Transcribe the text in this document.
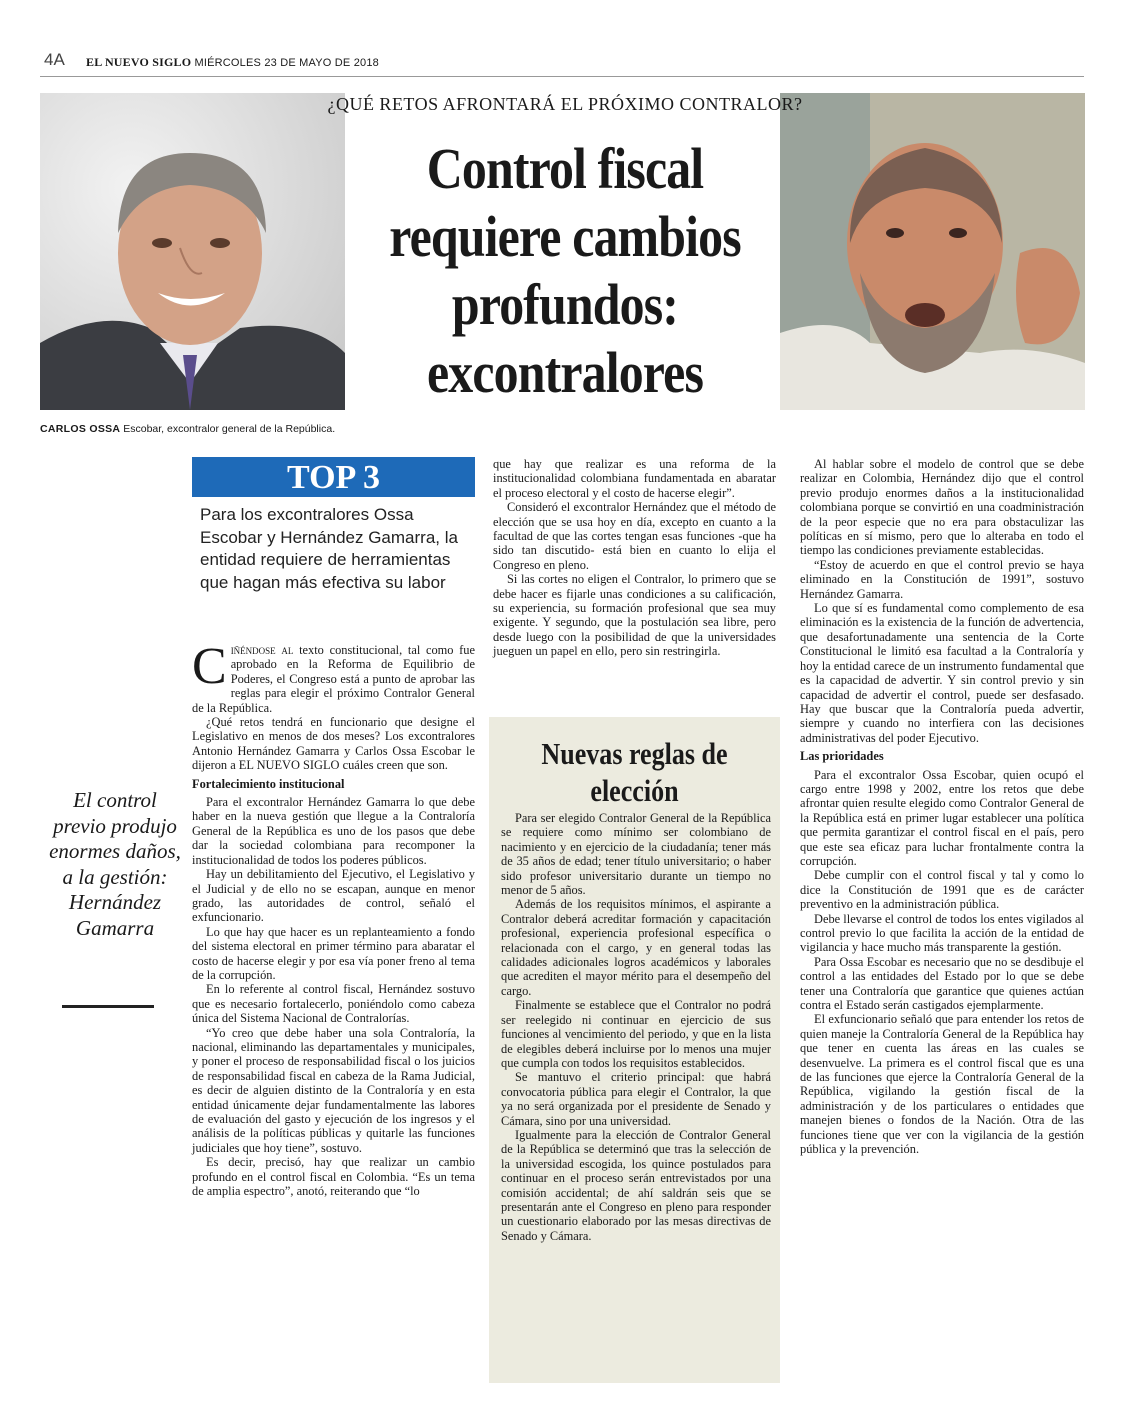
4A EL NUEVO SIGLO MIÉRCOLES 23 DE MAYO DE 2018
¿QUÉ RETOS AFRONTARÁ EL PRÓXIMO CONTRALOR?
Control fiscal requiere cambios profundos: excontralores
CARLOS OSSA Escobar, excontralor general de la República.
TOP 3
Para los excontralores Ossa Escobar y Hernández Gamarra, la entidad requiere de herramientas que hagan más efectiva su labor
El control previo produjo enormes daños, a la gestión: Hernández Gamarra

Ciñéndose al texto constitucional, tal como fue aprobado en la Reforma de Equilibrio de Poderes, el Congreso está a punto de aprobar las reglas para elegir el próximo Contralor General de la República.

¿Qué retos tendrá en funcionario que designe el Legislativo en menos de dos meses? Los excontralores Antonio Hernández Gamarra y Carlos Ossa Escobar le dijeron a EL NUEVO SIGLO cuáles creen que son.

Fortalecimiento institucional

Para el excontralor Hernández Gamarra lo que debe haber en la nueva gestión que llegue a la Contraloría General de la República es uno de los pasos que debe dar la sociedad colombiana para recomponer la institucionalidad de todos los poderes públicos.

Hay un debilitamiento del Ejecutivo, el Legislativo y el Judicial y de ello no se escapan, aunque en menor grado, las autoridades de control, señaló el exfuncionario.

Lo que hay que hacer es un replanteamiento a fondo del sistema electoral en primer término para abaratar el costo de hacerse elegir y por esa vía poner freno al tema de la corrupción.

En lo referente al control fiscal, Hernández sostuvo que es necesario fortalecerlo, poniéndolo como cabeza única del Sistema Nacional de Contralorías.

“Yo creo que debe haber una sola Contraloría, la nacional, eliminando las departamentales y municipales, y poner el proceso de responsabilidad fiscal o los juicios de responsabilidad fiscal en cabeza de la Rama Judicial, es decir de alguien distinto de la Contraloría y en esta entidad únicamente dejar fundamentalmente las labores de evaluación del gasto y ejecución de los ingresos y el análisis de la políticas públicas y quitarle las funciones judiciales que hoy tiene”, sostuvo.

Es decir, precisó, hay que realizar un cambio profundo en el control fiscal en Colombia. “Es un tema de amplia espectro”, anotó, reiterando que “lo

que hay que realizar es una reforma de la institucionalidad colombiana fundamentada en abaratar el proceso electoral y el costo de hacerse elegir”.

Consideró el excontralor Hernández que el método de elección que se usa hoy en día, excepto en cuanto a la facultad de que las cortes tengan esas funciones -que ha sido tan discutido- está bien en cuanto lo elija el Congreso en pleno.

Si las cortes no eligen el Contralor, lo primero que se debe hacer es fijarle unas condiciones a su calificación, su experiencia, su formación profesional que sea muy exigente. Y segundo, que la postulación sea libre, pero desde luego con la posibilidad de que la universidades jueguen un papel en ello, pero sin restringirla.

Nuevas reglas de elección

Para ser elegido Contralor General de la República se requiere como mínimo ser colombiano de nacimiento y en ejercicio de la ciudadanía; tener más de 35 años de edad; tener título universitario; o haber sido profesor universitario durante un tiempo no menor de 5 años.

Además de los requisitos mínimos, el aspirante a Contralor deberá acreditar formación y capacitación profesional, experiencia profesional específica o relacionada con el cargo, y en general todas las calidades adicionales logros académicos y laborales que acrediten el mayor mérito para el desempeño del cargo.

Finalmente se establece que el Contralor no podrá ser reelegido ni continuar en ejercicio de sus funciones al vencimiento del periodo, y que en la lista de elegibles deberá incluirse por lo menos una mujer que cumpla con todos los requisitos establecidos.

Se mantuvo el criterio principal: que habrá convocatoria pública para elegir el Contralor, la que ya no será organizada por el presidente de Senado y Cámara, sino por una universidad.

Igualmente para la elección de Contralor General de la República se determinó que tras la selección de la universidad escogida, los quince postulados para continuar en el proceso serán entrevistados por una comisión accidental; de ahí saldrán seis que se presentarán ante el Congreso en pleno para responder un cuestionario elaborado por las mesas directivas de Senado y Cámara.

Al hablar sobre el modelo de control que se debe realizar en Colombia, Hernández dijo que el control previo produjo enormes daños a la institucionalidad colombiana porque se convirtió en una coadministración de la peor especie que no era para obstaculizar las políticas en sí mismo, pero que lo alteraba en todo el tiempo las condiciones previamente establecidas.

“Estoy de acuerdo en que el control previo se haya eliminado en la Constitución de 1991”, sostuvo Hernández Gamarra.

Lo que sí es fundamental como complemento de esa eliminación es la existencia de la función de advertencia, que desafortunadamente una sentencia de la Corte Constitucional le limitó esa facultad a la Contraloría y hoy la entidad carece de un instrumento fundamental que es la capacidad de advertir. Y sin control previo y sin capacidad de advertir el control, puede ser desfasado. Hay que buscar que la Contraloría pueda advertir, siempre y cuando no interfiera con las decisiones administrativas del poder Ejecutivo.

Las prioridades

Para el excontralor Ossa Escobar, quien ocupó el cargo entre 1998 y 2002, entre los retos que debe afrontar quien resulte elegido como Contralor General de la República está en primer lugar establecer una política que permita garantizar el control fiscal en el país, pero que este sea eficaz para luchar frontalmente contra la corrupción.

Debe cumplir con el control fiscal y tal y como lo dice la Constitución de 1991 que es de carácter preventivo en la administración pública.

Debe llevarse el control de todos los entes vigilados al control previo lo que facilita la acción de la entidad de vigilancia y hace mucho más transparente la gestión.

Para Ossa Escobar es necesario que no se desdibuje el control a las entidades del Estado por lo que se debe tener una Contraloría que garantice que quienes actúan contra el Estado serán castigados ejemplarmente.

El exfuncionario señaló que para entender los retos de quien maneje la Contraloría General de la República hay que tener en cuenta las áreas en las cuales se desenvuelve. La primera es el control fiscal que es una de las funciones que ejerce la Contraloría General de la República, vigilando la gestión fiscal de la administración y de los particulares o entidades que manejen bienes o fondos de la Nación. Otra de las funciones tiene que ver con la vigilancia de la gestión pública y la prevención.
